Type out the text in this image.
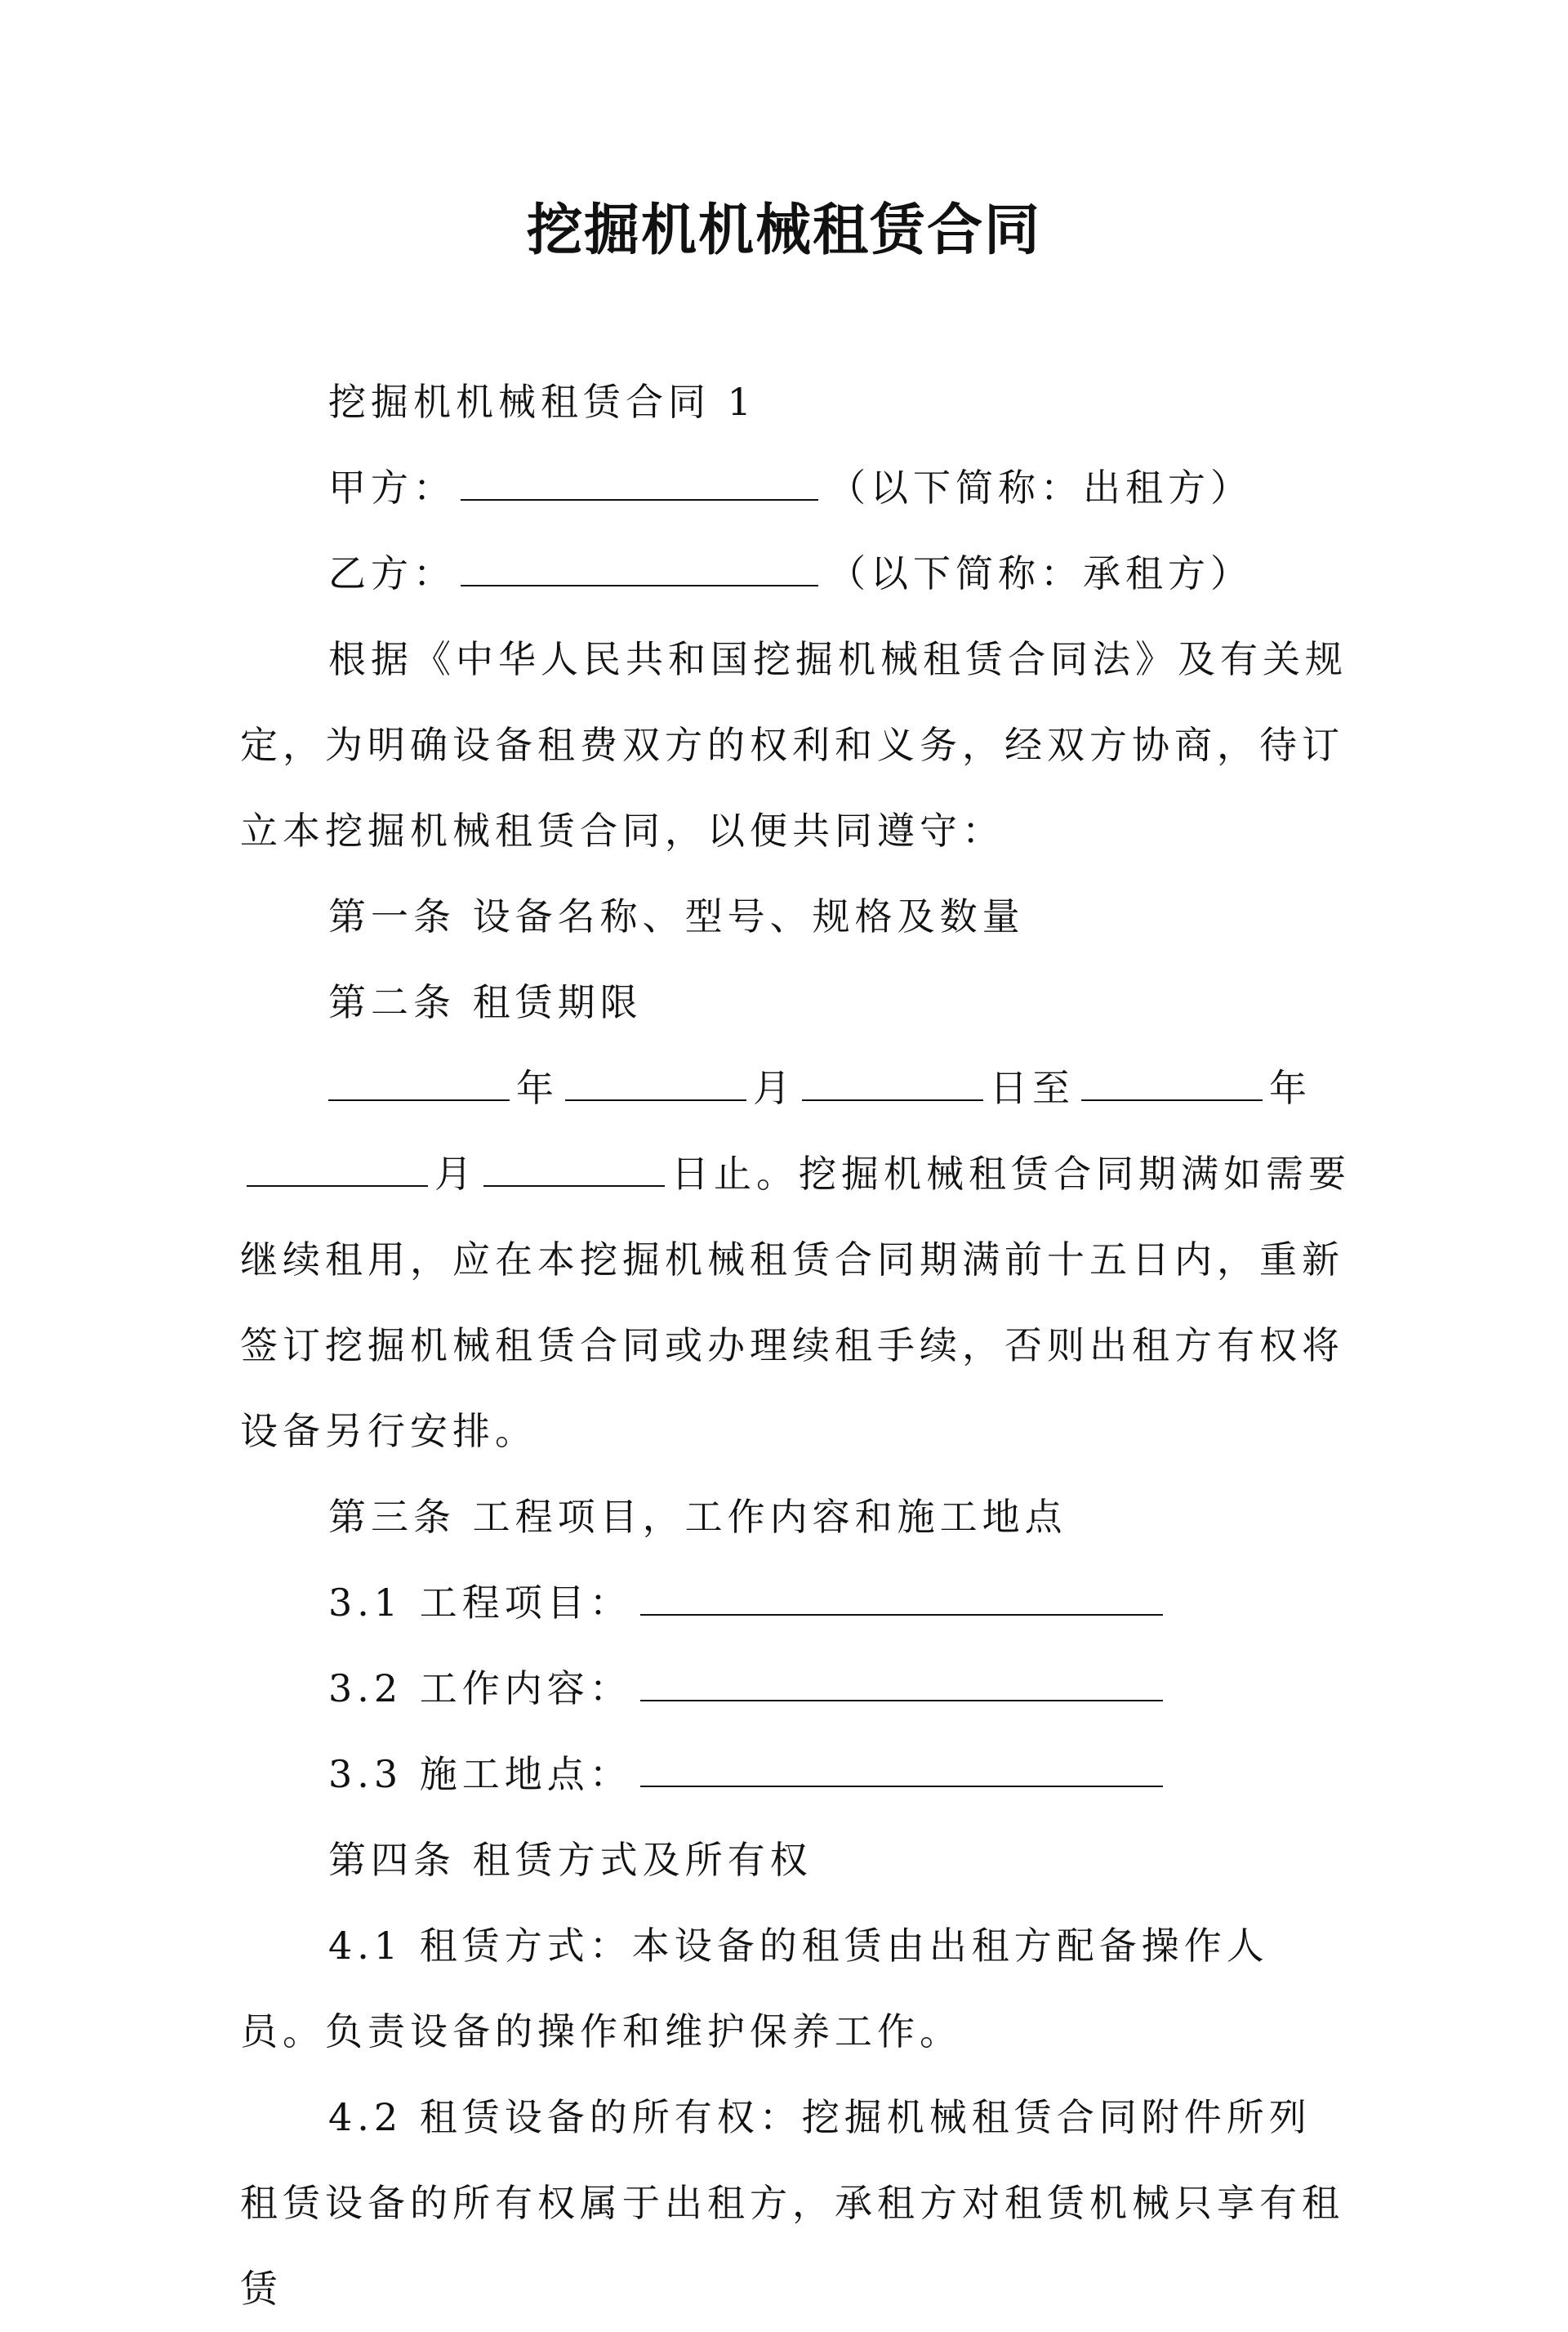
挖掘机机械租赁合同

挖掘机机械租赁合同 1

甲方：	（以下简称：出租方）

乙方：	（以下简称：承租方）

根据《中华人民共和国挖掘机械租赁合同法》及有关规定，为明确设备租费双方的权利和义务，经双方协商，待订立本挖掘机械租赁合同，以便共同遵守：

第一条 设备名称、型号、规格及数量

第二条 租赁期限

年	月	日至	年月	日止。挖掘机械租赁合同期满如需要继续租用，应在本挖掘机械租赁合同期满前十五日内，重新签订挖掘机械租赁合同或办理续租手续，否则出租方有权将设备另行安排。

第三条 工程项目，工作内容和施工地点

3.1 工程项目：

3.2 工作内容：

3.3 施工地点：

第四条 租赁方式及所有权

4.1 租赁方式：本设备的租赁由出租方配备操作人员。负责设备的操作和维护保养工作。

4.2 租赁设备的所有权：挖掘机械租赁合同附件所列租赁设备的所有权属于出租方，承租方对租赁机械只享有租赁
